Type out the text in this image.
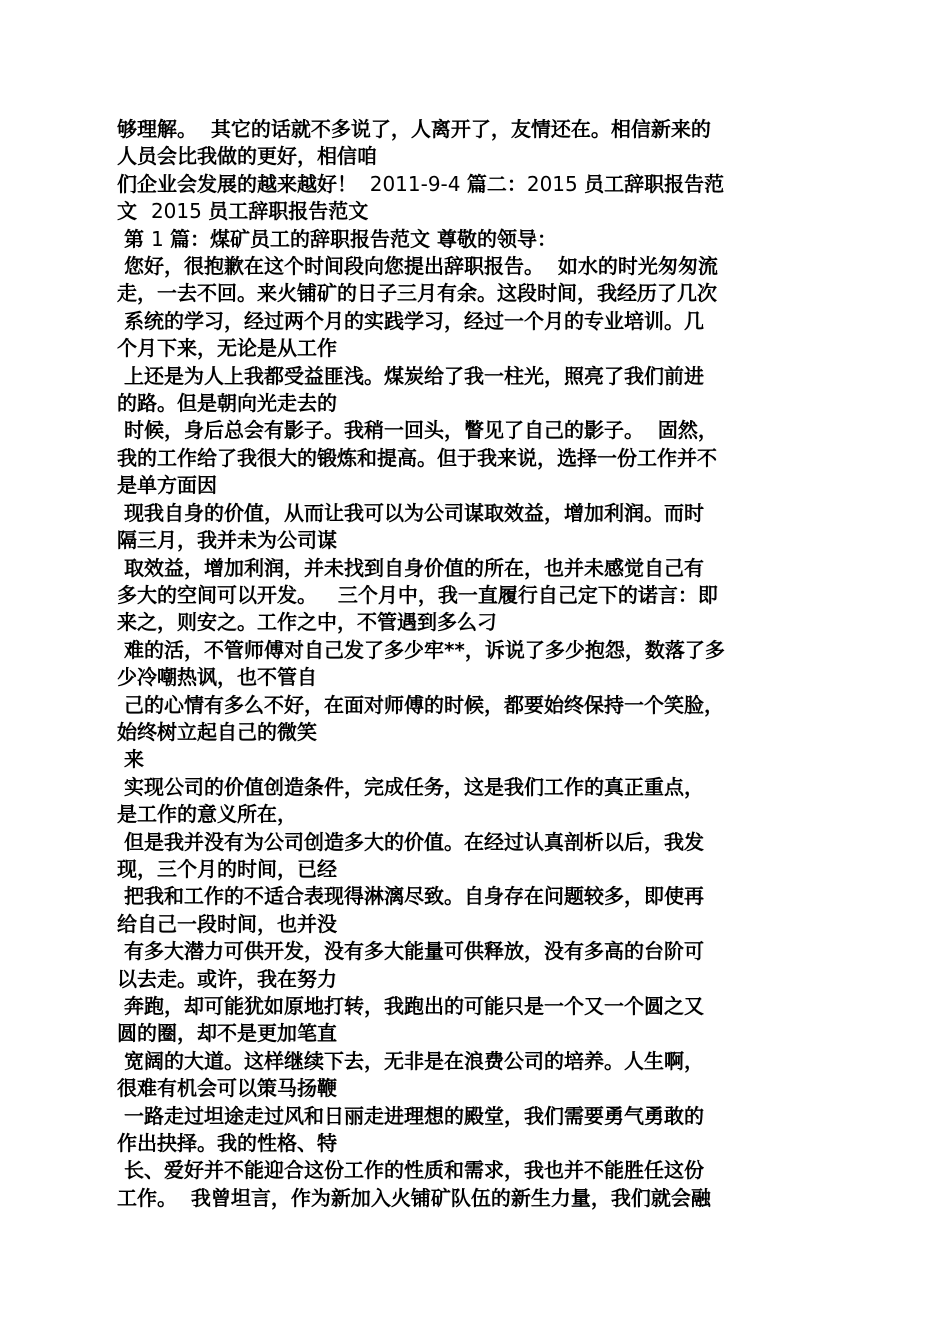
够理解。  其它的话就不多说了，人离开了，友情还在。相信新来的
人员会比我做的更好，相信咱
们企业会发展的越来越好！  2011-9-4 篇二：2015 员工辞职报告范
文  2015 员工辞职报告范文
第 1 篇：煤矿员工的辞职报告范文 尊敬的领导：
您好，很抱歉在这个时间段向您提出辞职报告。  如水的时光匆匆流
走，一去不回。来火铺矿的日子三月有余。这段时间，我经历了几次
系统的学习，经过两个月的实践学习，经过一个月的专业培训。几
个月下来，无论是从工作
上还是为人上我都受益匪浅。煤炭给了我一柱光，照亮了我们前进
的路。但是朝向光走去的
时候，身后总会有影子。我稍一回头，瞥见了自己的影子。  固然，
我的工作给了我很大的锻炼和提高。但于我来说，选择一份工作并不
是单方面因
现我自身的价值，从而让我可以为公司谋取效益，增加利润。而时
隔三月，我并未为公司谋
取效益，增加利润，并未找到自身价值的所在，也并未感觉自己有
多大的空间可以开发。   三个月中，我一直履行自己定下的诺言：即
来之，则安之。工作之中，不管遇到多么刁
难的活，不管师傅对自己发了多少牢**，诉说了多少抱怨，数落了多
少冷嘲热讽，也不管自
己的心情有多么不好，在面对师傅的时候，都要始终保持一个笑脸，
始终树立起自己的微笑
来
实现公司的价值创造条件，完成任务，这是我们工作的真正重点，
是工作的意义所在，
但是我并没有为公司创造多大的价值。在经过认真剖析以后，我发
现，三个月的时间，已经
把我和工作的不适合表现得淋漓尽致。自身存在问题较多，即使再
给自己一段时间，也并没
有多大潜力可供开发，没有多大能量可供释放，没有多高的台阶可
以去走。或许，我在努力
奔跑，却可能犹如原地打转，我跑出的可能只是一个又一个圆之又
圆的圈，却不是更加笔直
宽阔的大道。这样继续下去，无非是在浪费公司的培养。人生啊，
很难有机会可以策马扬鞭
一路走过坦途走过风和日丽走进理想的殿堂，我们需要勇气勇敢的
作出抉择。我的性格、特
长、爱好并不能迎合这份工作的性质和需求，我也并不能胜任这份
工作。  我曾坦言，作为新加入火铺矿队伍的新生力量，我们就会融
